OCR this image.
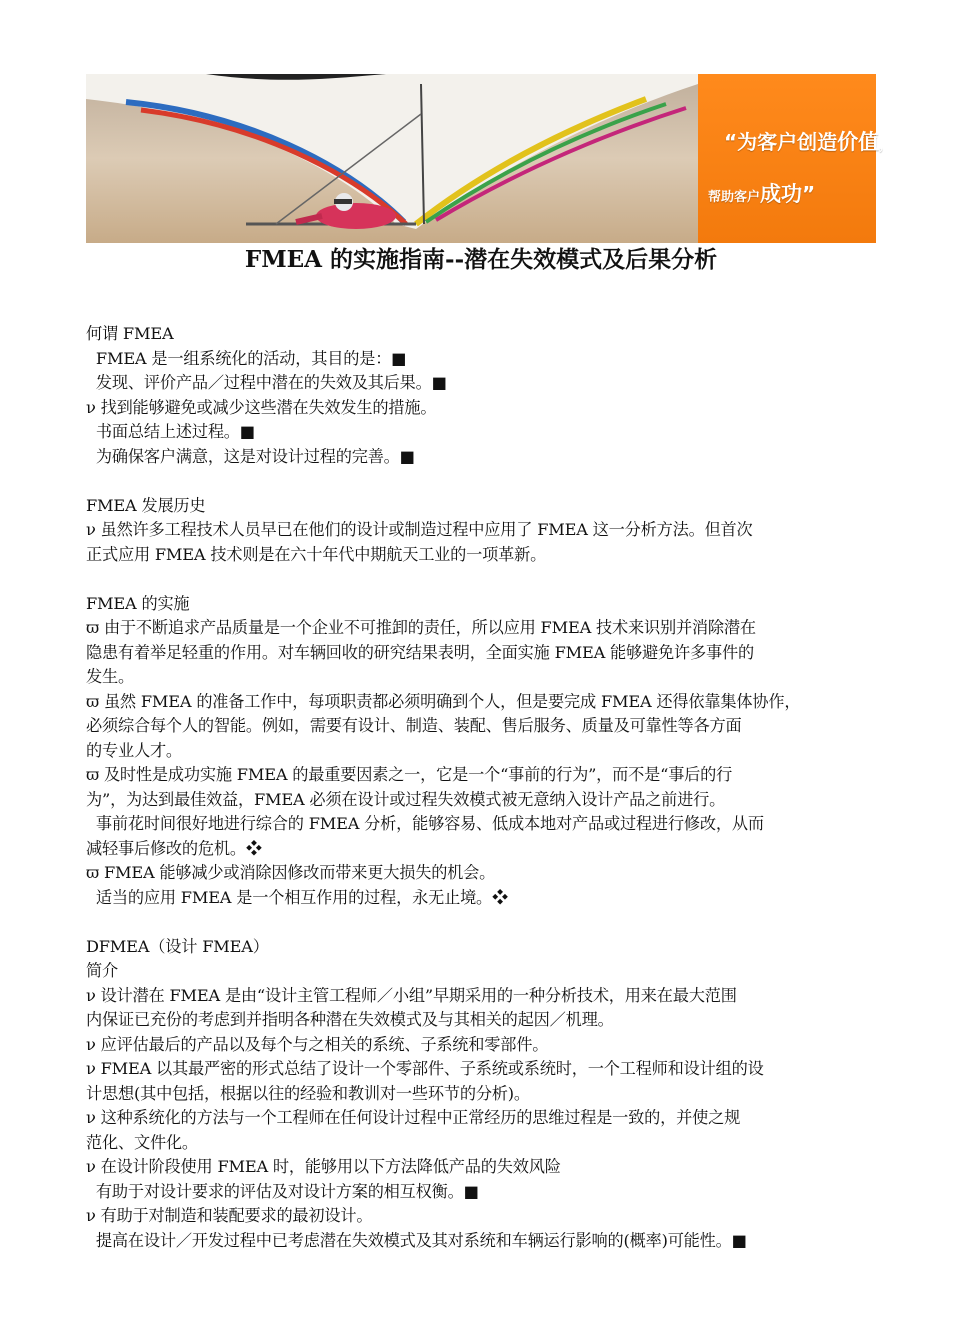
“为客户创造价值，
帮助客户成功”
FMEA 的实施指南--潜在失效模式及后果分析

何谓 FMEA

FMEA 是一组系统化的活动，其目的是：■

发现、评价产品／过程中潜在的失效及其后果。■

ν 找到能够避免或减少这些潜在失效发生的措施。

书面总结上述过程。■

为确保客户满意，这是对设计过程的完善。■

FMEA 发展历史

ν 虽然许多工程技术人员早已在他们的设计或制造过程中应用了 FMEA 这一分析方法。但首次

正式应用 FMEA 技术则是在六十年代中期航天工业的一项革新。

FMEA 的实施

ϖ 由于不断追求产品质量是一个企业不可推卸的责任，所以应用 FMEA 技术来识别并消除潜在

隐患有着举足轻重的作用。对车辆回收的研究结果表明，全面实施 FMEA 能够避免许多事件的

发生。

ϖ 虽然 FMEA 的准备工作中，每项职责都必须明确到个人，但是要完成 FMEA 还得依靠集体协作，

必须综合每个人的智能。例如，需要有设计、制造、装配、售后服务、质量及可靠性等各方面

的专业人才。

ϖ 及时性是成功实施 FMEA 的最重要因素之一，它是一个“事前的行为”，而不是“事后的行

为”，为达到最佳效益，FMEA 必须在设计或过程失效模式被无意纳入设计产品之前进行。

事前花时间很好地进行综合的 FMEA 分析，能够容易、低成本地对产品或过程进行修改，从而

减轻事后修改的危机。❖

ϖ FMEA 能够减少或消除因修改而带来更大损失的机会。

适当的应用 FMEA 是一个相互作用的过程，永无止境。❖

DFMEA（设计 FMEA）

简介

ν 设计潜在 FMEA 是由“设计主管工程师／小组”早期采用的一种分析技术，用来在最大范围

内保证已充份的考虑到并指明各种潜在失效模式及与其相关的起因／机理。

ν 应评估最后的产品以及每个与之相关的系统、子系统和零部件。

ν FMEA 以其最严密的形式总结了设计一个零部件、子系统或系统时，一个工程师和设计组的设

计思想(其中包括，根据以往的经验和教训对一些环节的分析)。

ν 这种系统化的方法与一个工程师在任何设计过程中正常经历的思维过程是一致的，并使之规

范化、文件化。

ν 在设计阶段使用 FMEA 时，能够用以下方法降低产品的失效风险

有助于对设计要求的评估及对设计方案的相互权衡。■

ν 有助于对制造和装配要求的最初设计。

提高在设计／开发过程中已考虑潜在失效模式及其对系统和车辆运行影响的(概率)可能性。■
